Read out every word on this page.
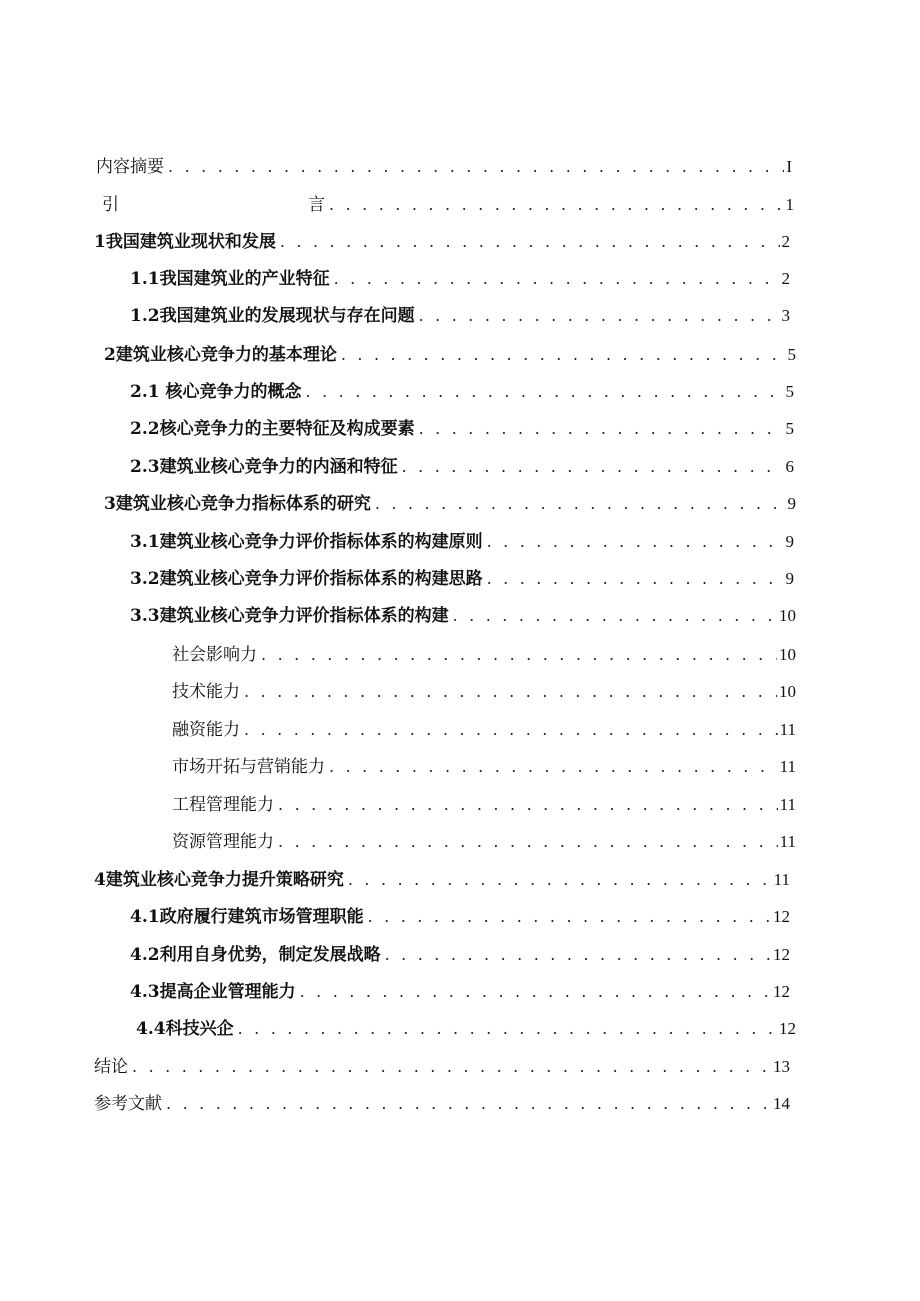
内容摘要 . . .	I
引	言 . . .	1
1我国建筑业现状和发展 . . .	2
1.1我国建筑业的产业特征 . . .	2
1.2我国建筑业的发展现状与存在问题 . . .	3
2建筑业核心竞争力的基本理论 . . .	5
2.1 核心竞争力的概念 . . .	5
2.2核心竞争力的主要特征及构成要素 . . .	5
2.3建筑业核心竞争力的内涵和特征 . . .	6
3建筑业核心竞争力指标体系的研究 . . .	9
3.1建筑业核心竞争力评价指标体系的构建原则 . . .	9
3.2建筑业核心竞争力评价指标体系的构建思路 . . .	9
3.3建筑业核心竞争力评价指标体系的构建 . . .	10
社会影响力 . . .	10
技术能力 . . .	10
融资能力 . . .	11
市场开拓与营销能力 . . .	11
工程管理能力 . . .	11
资源管理能力 . . .	11
4建筑业核心竞争力提升策略研究 . . .	11
4.1政府履行建筑市场管理职能 . . .	12
4.2利用自身优势，制定发展战略 . . .	12
4.3提高企业管理能力 . . .	12
4.4科技兴企 . . .	12
结论 . . .	13
参考文献 . . .	14
